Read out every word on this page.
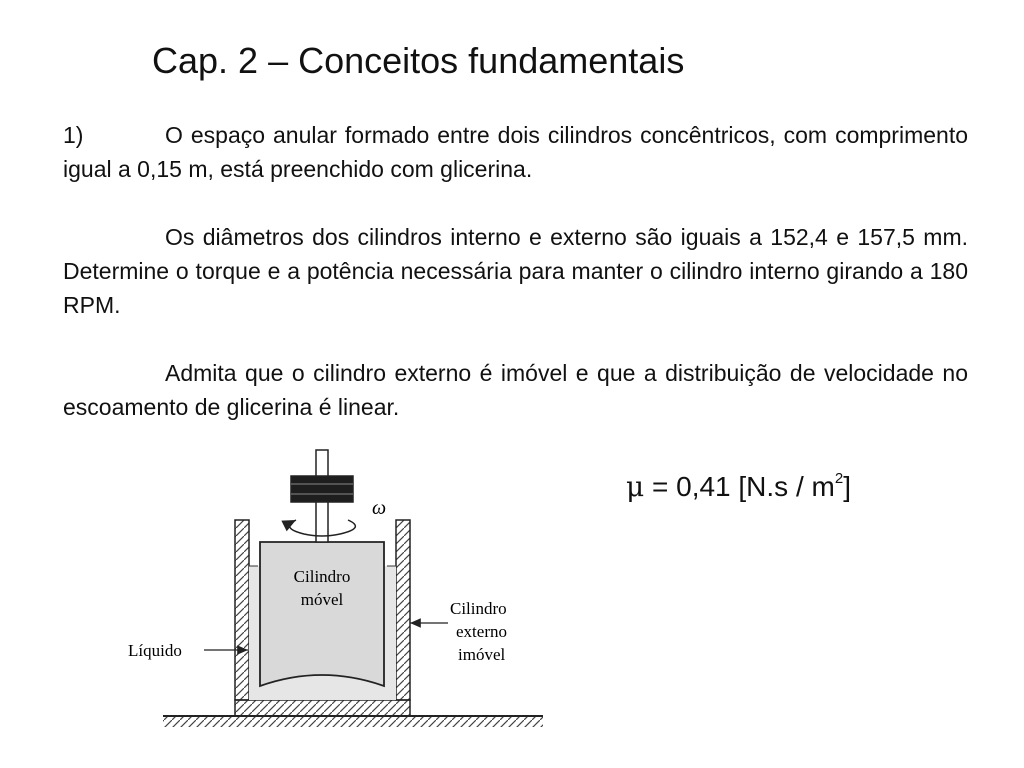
Cap. 2 – Conceitos fundamentais

1)	O espaço anular formado entre dois cilindros concêntricos, com comprimento igual a 0,15 m, está preenchido com glicerina.

Os diâmetros dos cilindros interno e externo são iguais a 152,4 e 157,5 mm. Determine o torque e a potência necessária para manter o cilindro interno girando a 180 RPM.

Admita que o cilindro externo é imóvel e que a distribuição de velocidade no escoamento de glicerina é linear.

μ = 0,41 $[N.s / m^2]$
ω
Cilindro
móvel
Líquido
Cilindro
externo
imóvel
